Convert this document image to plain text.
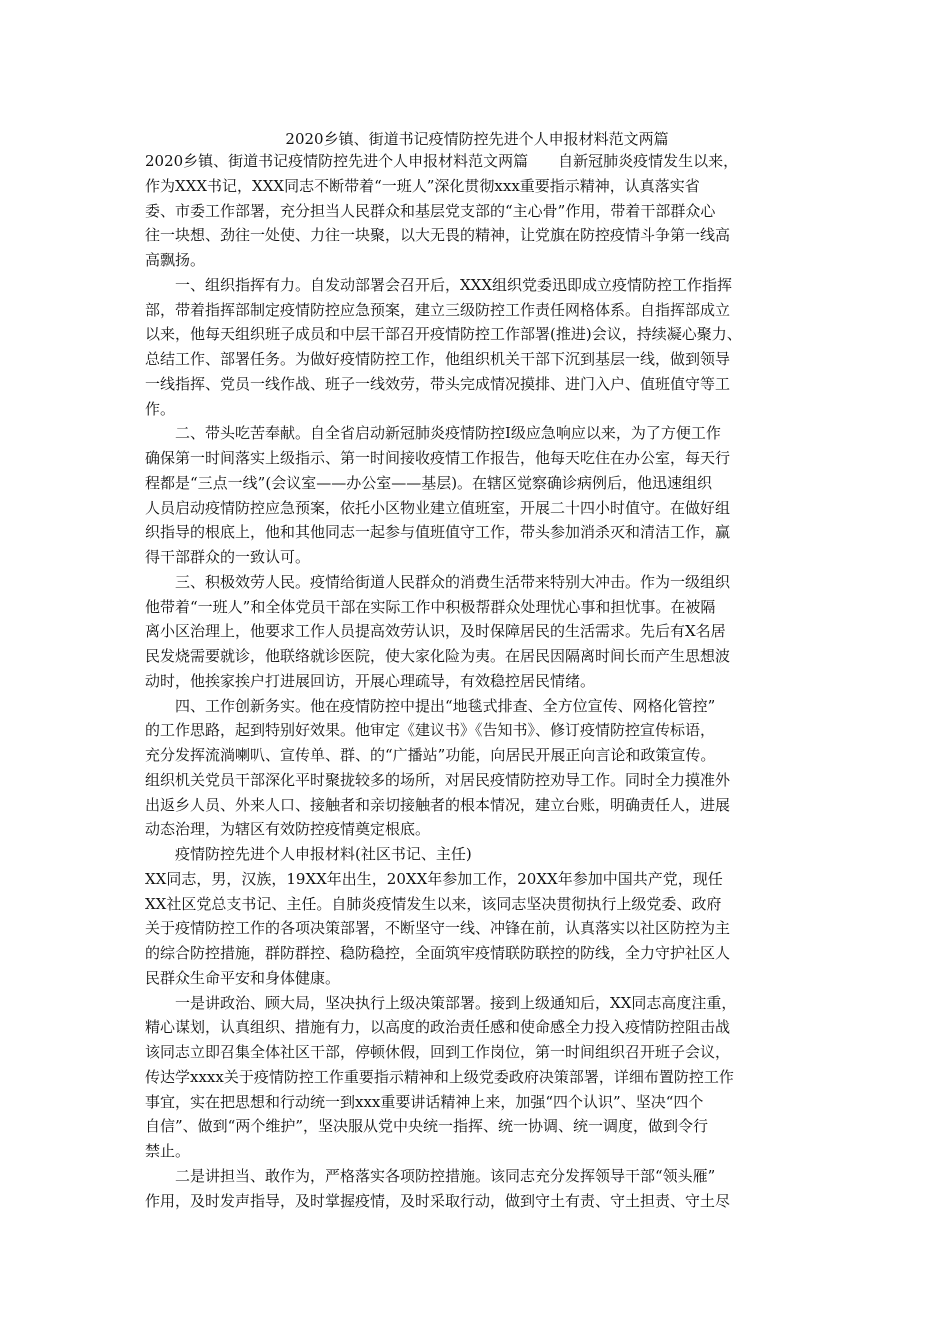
2020乡镇、街道书记疫情防控先进个人申报材料范文两篇
2020乡镇、街道书记疫情防控先进个人申报材料范文两篇　　自新冠肺炎疫情发生以来，
作为XXX书记，XXX同志不断带着“一班人”深化贯彻xxx重要指示精神，认真落实省
委、市委工作部署，充分担当人民群众和基层党支部的“主心骨”作用，带着干部群众心
往一块想、劲往一处使、力往一块聚，以大无畏的精神，让党旗在防控疫情斗争第一线高
高飘扬。
　　一、组织指挥有力。自发动部署会召开后，XXX组织党委迅即成立疫情防控工作指挥
部，带着指挥部制定疫情防控应急预案，建立三级防控工作责任网格体系。自指挥部成立
以来，他每天组织班子成员和中层干部召开疫情防控工作部署(推进)会议，持续凝心聚力、
总结工作、部署任务。为做好疫情防控工作，他组织机关干部下沉到基层一线，做到领导
一线指挥、党员一线作战、班子一线效劳，带头完成情况摸排、进门入户、值班值守等工
作。
　　二、带头吃苦奉献。自全省启动新冠肺炎疫情防控Ⅰ级应急响应以来，为了方便工作
确保第一时间落实上级指示、第一时间接收疫情工作报告，他每天吃住在办公室，每天行
程都是“三点一线”(会议室——办公室——基层)。在辖区觉察确诊病例后，他迅速组织
人员启动疫情防控应急预案，依托小区物业建立值班室，开展二十四小时值守。在做好组
织指导的根底上，他和其他同志一起参与值班值守工作，带头参加消杀灭和清洁工作，赢
得干部群众的一致认可。
　　三、积极效劳人民。疫情给街道人民群众的消费生活带来特别大冲击。作为一级组织
他带着“一班人”和全体党员干部在实际工作中积极帮群众处理忧心事和担忧事。在被隔
离小区治理上，他要求工作人员提高效劳认识，及时保障居民的生活需求。先后有X名居
民发烧需要就诊，他联络就诊医院，使大家化险为夷。在居民因隔离时间长而产生思想波
动时，他挨家挨户打进展回访，开展心理疏导，有效稳控居民情绪。
　　四、工作创新务实。他在疫情防控中提出“地毯式排查、全方位宣传、网格化管控”
的工作思路，起到特别好效果。他审定《建议书》《告知书》、修订疫情防控宣传标语，
充分发挥流淌喇叭、宣传单、群、的“广播站”功能，向居民开展正向言论和政策宣传。
组织机关党员干部深化平时聚拢较多的场所，对居民疫情防控劝导工作。同时全力摸准外
出返乡人员、外来人口、接触者和亲切接触者的根本情况，建立台账，明确责任人，进展
动态治理，为辖区有效防控疫情奠定根底。
　　疫情防控先进个人申报材料(社区书记、主任)
XX同志，男，汉族，19XX年出生，20XX年参加工作，20XX年参加中国共产党，现任
XX社区党总支书记、主任。自肺炎疫情发生以来，该同志坚决贯彻执行上级党委、政府
关于疫情防控工作的各项决策部署，不断坚守一线、冲锋在前，认真落实以社区防控为主
的综合防控措施，群防群控、稳防稳控，全面筑牢疫情联防联控的防线，全力守护社区人
民群众生命平安和身体健康。
　　一是讲政治、顾大局，坚决执行上级决策部署。接到上级通知后，XX同志高度注重，
精心谋划，认真组织、措施有力，以高度的政治责任感和使命感全力投入疫情防控阻击战
该同志立即召集全体社区干部，停顿休假，回到工作岗位，第一时间组织召开班子会议，
传达学xxxx关于疫情防控工作重要指示精神和上级党委政府决策部署，详细布置防控工作
事宜，实在把思想和行动统一到xxx重要讲话精神上来，加强“四个认识”、坚决“四个
自信”、做到“两个维护”，坚决服从党中央统一指挥、统一协调、统一调度，做到令行
禁止。
　　二是讲担当、敢作为，严格落实各项防控措施。该同志充分发挥领导干部“领头雁”
作用，及时发声指导，及时掌握疫情，及时采取行动，做到守土有责、守土担责、守土尽
